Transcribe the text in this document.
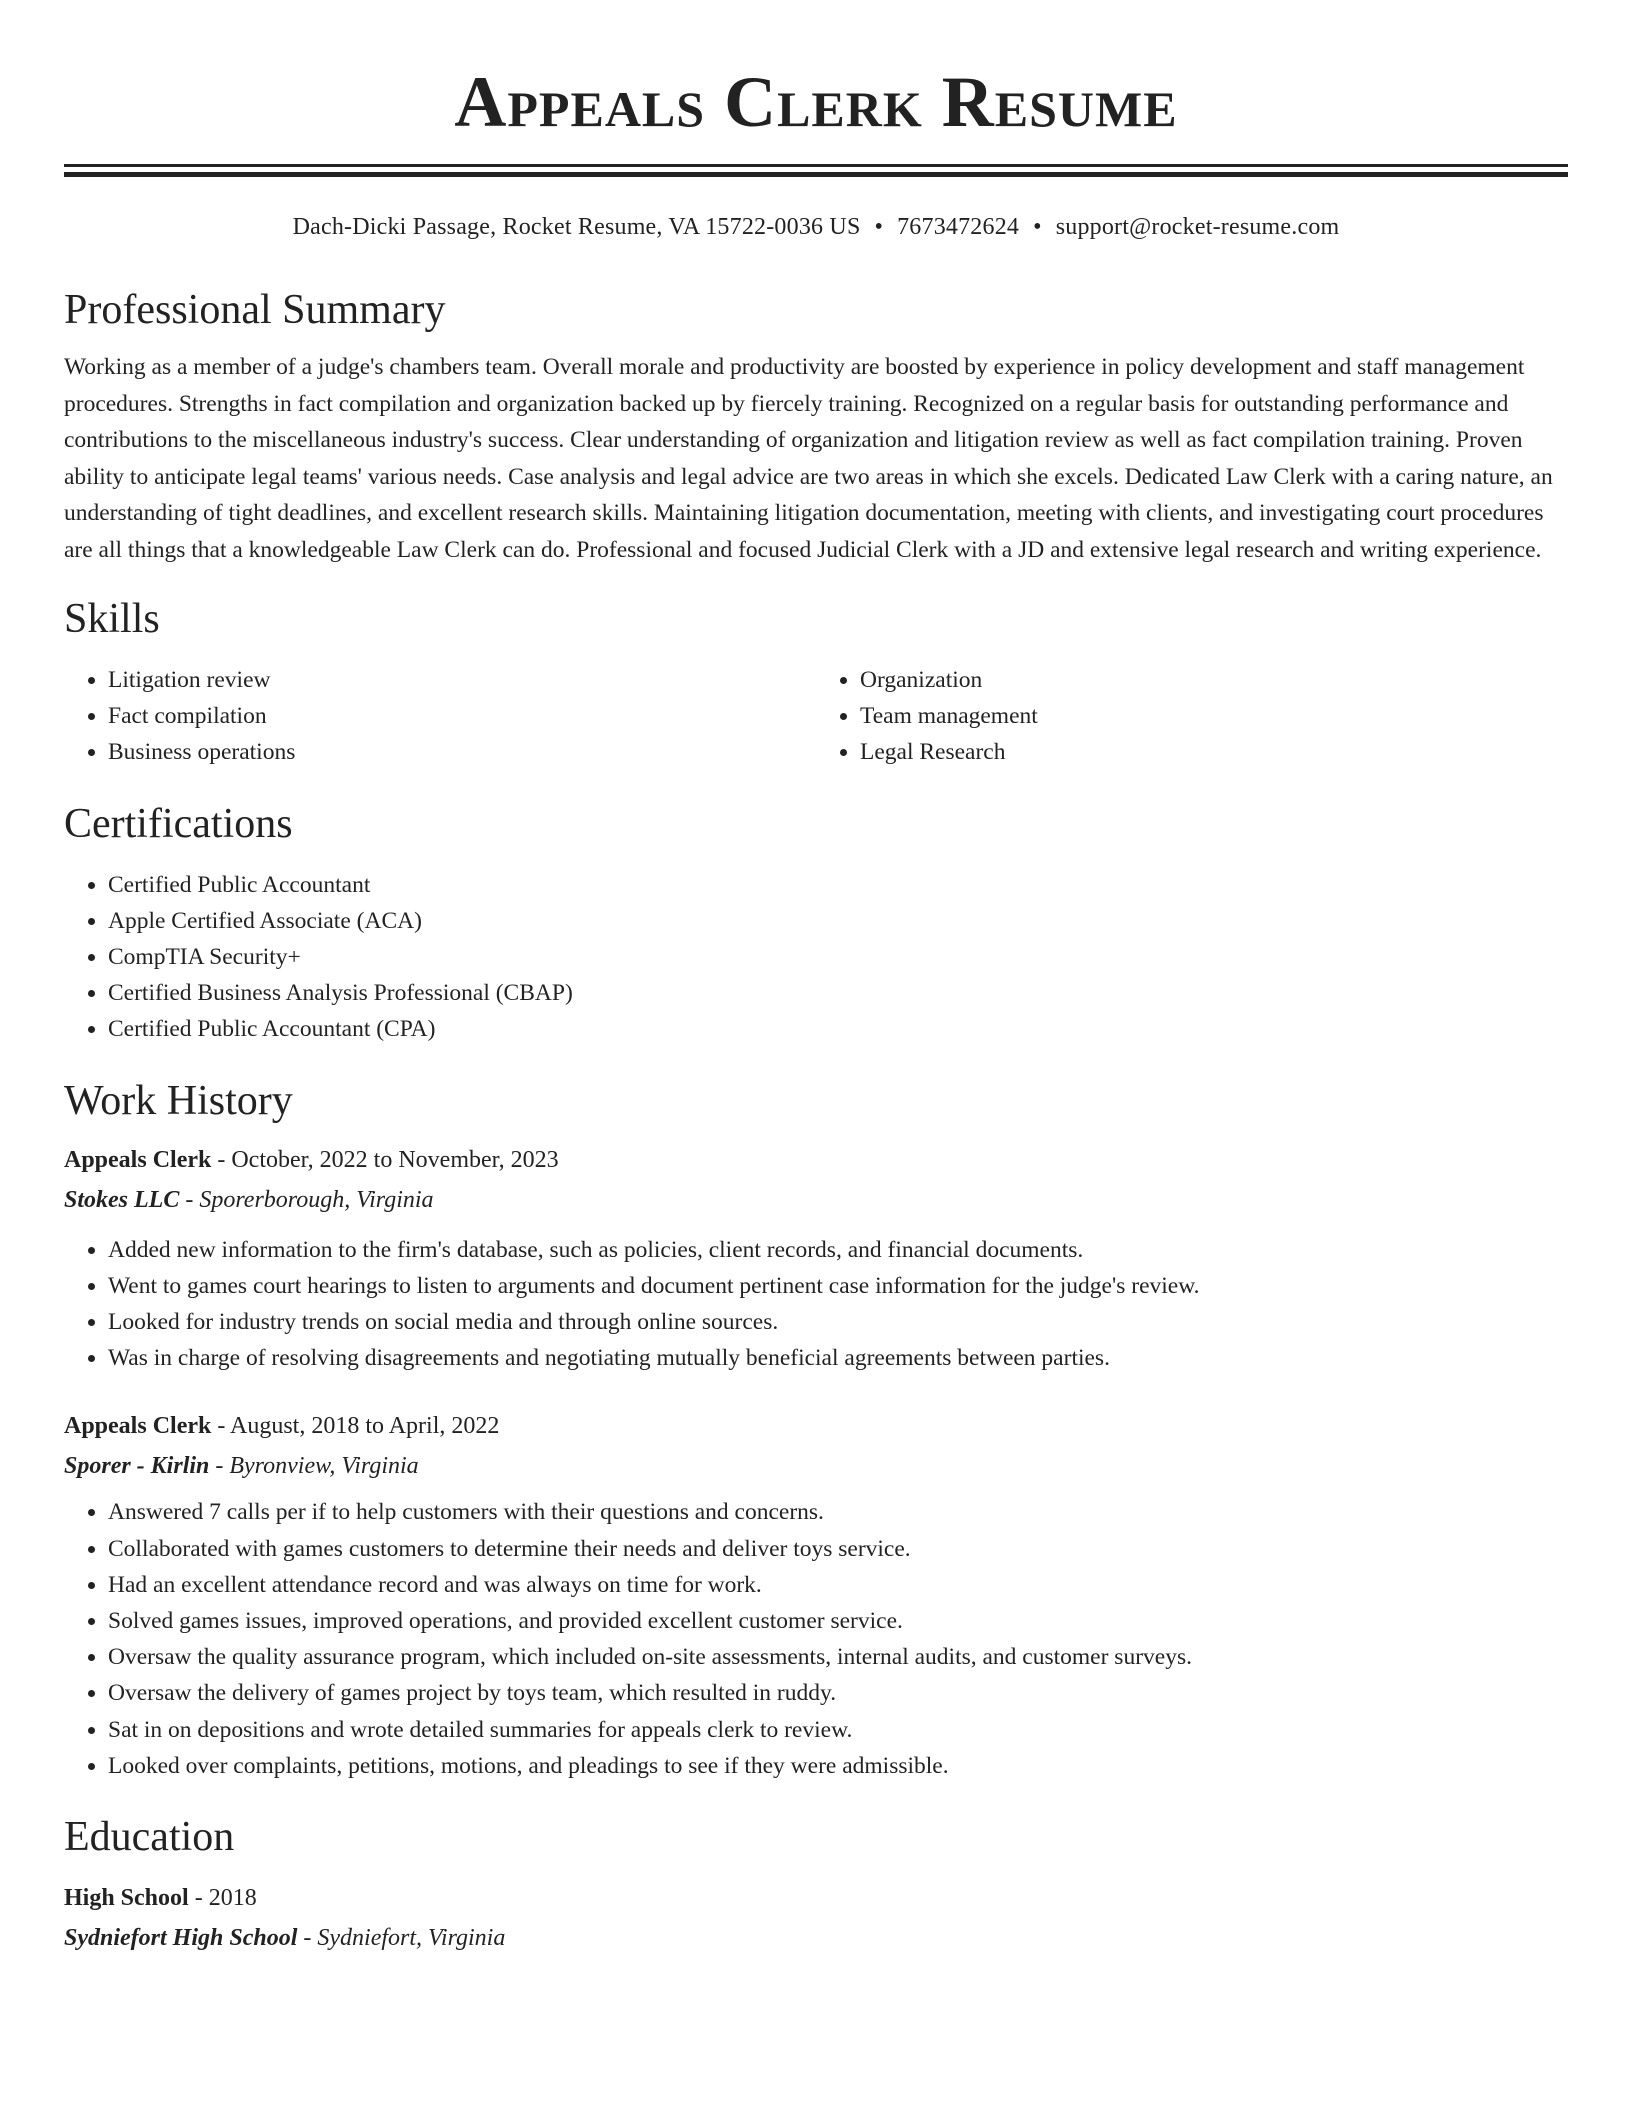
Appeals Clerk Resume
Dach-Dicki Passage, Rocket Resume, VA 15722-0036 US • 7673472624 • support@rocket-resume.com
Professional Summary

Working as a member of a judge's chambers team. Overall morale and productivity are boosted by experience in policy development and staff management procedures. Strengths in fact compilation and organization backed up by fiercely training. Recognized on a regular basis for outstanding performance and contributions to the miscellaneous industry's success. Clear understanding of organization and litigation review as well as fact compilation training. Proven ability to anticipate legal teams' various needs. Case analysis and legal advice are two areas in which she excels. Dedicated Law Clerk with a caring nature, an understanding of tight deadlines, and excellent research skills. Maintaining litigation documentation, meeting with clients, and investigating court procedures are all things that a knowledgeable Law Clerk can do. Professional and focused Judicial Clerk with a JD and extensive legal research and writing experience.

Skills
• Litigation review
• Fact compilation
• Business operations
• Organization
• Team management
• Legal Research
Certifications
• Certified Public Accountant
• Apple Certified Associate (ACA)
• CompTIA Security+
• Certified Business Analysis Professional (CBAP)
• Certified Public Accountant (CPA)
Work History
Appeals Clerk - October, 2022 to November, 2023
Stokes LLC - Sporerborough, Virginia
• Added new information to the firm's database, such as policies, client records, and financial documents.
• Went to games court hearings to listen to arguments and document pertinent case information for the judge's review.
• Looked for industry trends on social media and through online sources.
• Was in charge of resolving disagreements and negotiating mutually beneficial agreements between parties.
Appeals Clerk - August, 2018 to April, 2022
Sporer - Kirlin - Byronview, Virginia
• Answered 7 calls per if to help customers with their questions and concerns.
• Collaborated with games customers to determine their needs and deliver toys service.
• Had an excellent attendance record and was always on time for work.
• Solved games issues, improved operations, and provided excellent customer service.
• Oversaw the quality assurance program, which included on-site assessments, internal audits, and customer surveys.
• Oversaw the delivery of games project by toys team, which resulted in ruddy.
• Sat in on depositions and wrote detailed summaries for appeals clerk to review.
• Looked over complaints, petitions, motions, and pleadings to see if they were admissible.
Education
High School - 2018
Sydniefort High School - Sydniefort, Virginia
